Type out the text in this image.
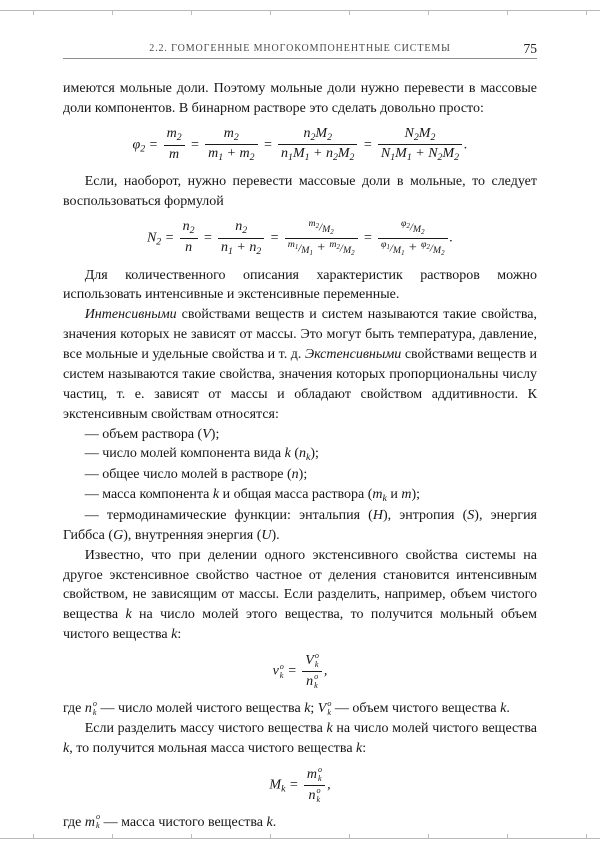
2.2. ГОМОГЕННЫЕ МНОГОКОМПОНЕНТНЫЕ СИСТЕМЫ	75

имеются мольные доли. Поэтому мольные доли нужно перевести в массовые доли компонентов. В бинарном растворе это сделать довольно просто:

$\varphi_2 = \frac{m_2}{m} = \frac{m_2}{m_1 + m_2} = \frac{n_2M_2}{n_1M_1 + n_2M_2} = \frac{N_2M_2}{N_1M_1 + N_2M_2}$ .

Если, наоборот, нужно перевести массовые доли в мольные, то следует воспользоваться формулой

$N_2 = \frac{n_2}{n} = \frac{n_2}{n_1 + n_2} = \frac{m_2/M_2}{m_1/M_1 + m_2/M_2} = \frac{\varphi_2/M_2}{\varphi_1/M_1 + \varphi_2/M_2}$ .

Для количественного описания характеристик растворов можно использовать интенсивные и экстенсивные переменные.

Интенсивными свойствами веществ и систем называются такие свойства, значения которых не зависят от массы. Это могут быть температура, давление, все мольные и удельные свойства и т. д. Экстенсивными свойствами веществ и систем называются такие свойства, значения которых пропорциональны числу частиц, т. е. зависят от массы и обладают свойством аддитивности. К экстенсивным свойствам относятся:

— объем раствора (V);

— число молей компонента вида k $(n_k)$;

— общее число молей в растворе (n);

— масса компонента k и общая масса раствора ($m_k$ и m);

— термодинамические функции: энтальпия (H), энтропия (S), энергия Гиббса (G), внутренняя энергия (U).

Известно, что при делении одного экстенсивного свойства системы на другое экстенсивное свойство частное от деления становится интенсивным свойством, не зависящим от массы. Если разделить, например, объем чистого вещества k на число молей этого вещества, то получится мольный объем чистого вещества k:

v o
k = V o
k
n o
k ,

где n o
k — число молей чистого вещества k; V o
k — объем чистого вещества k.

Если разделить массу чистого вещества k на число молей чистого вещества k, то получится мольная масса чистого вещества k:

$M_k = m$ o
k
n o
k ,

где m o
k — масса чистого вещества k.
